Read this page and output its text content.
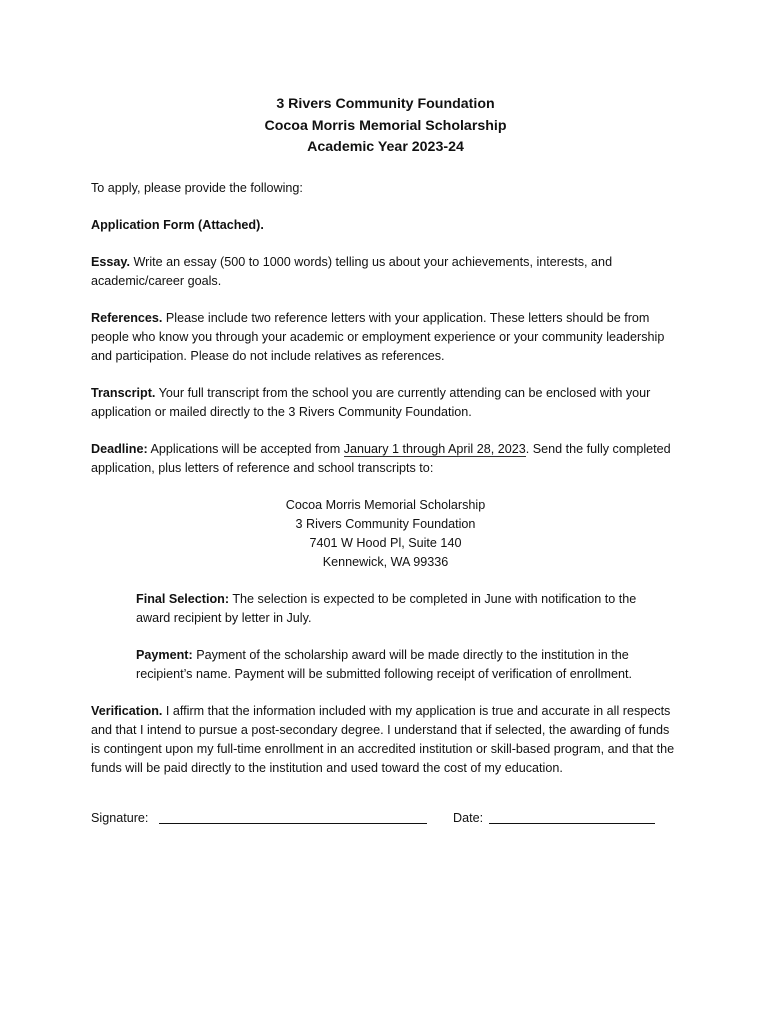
3 Rivers Community Foundation
Cocoa Morris Memorial Scholarship
Academic Year 2023-24

To apply, please provide the following:

Application Form (Attached).

Essay. Write an essay (500 to 1000 words) telling us about your achievements, interests, and academic/career goals.

References. Please include two reference letters with your application. These letters should be from people who know you through your academic or employment experience or your community leadership and participation. Please do not include relatives as references.

Transcript. Your full transcript from the school you are currently attending can be enclosed with your application or mailed directly to the 3 Rivers Community Foundation.

Deadline: Applications will be accepted from January 1 through April 28, 2023. Send the fully completed application, plus letters of reference and school transcripts to:

Cocoa Morris Memorial Scholarship
3 Rivers Community Foundation
7401 W Hood Pl, Suite 140
Kennewick, WA 99336

Final Selection: The selection is expected to be completed in June with notification to the award recipient by letter in July.

Payment: Payment of the scholarship award will be made directly to the institution in the recipient’s name. Payment will be submitted following receipt of verification of enrollment.

Verification. I affirm that the information included with my application is true and accurate in all respects and that I intend to pursue a post-secondary degree. I understand that if selected, the awarding of funds is contingent upon my full-time enrollment in an accredited institution or skill-based program, and that the funds will be paid directly to the institution and used toward the cost of my education.

Signature:	Date:
